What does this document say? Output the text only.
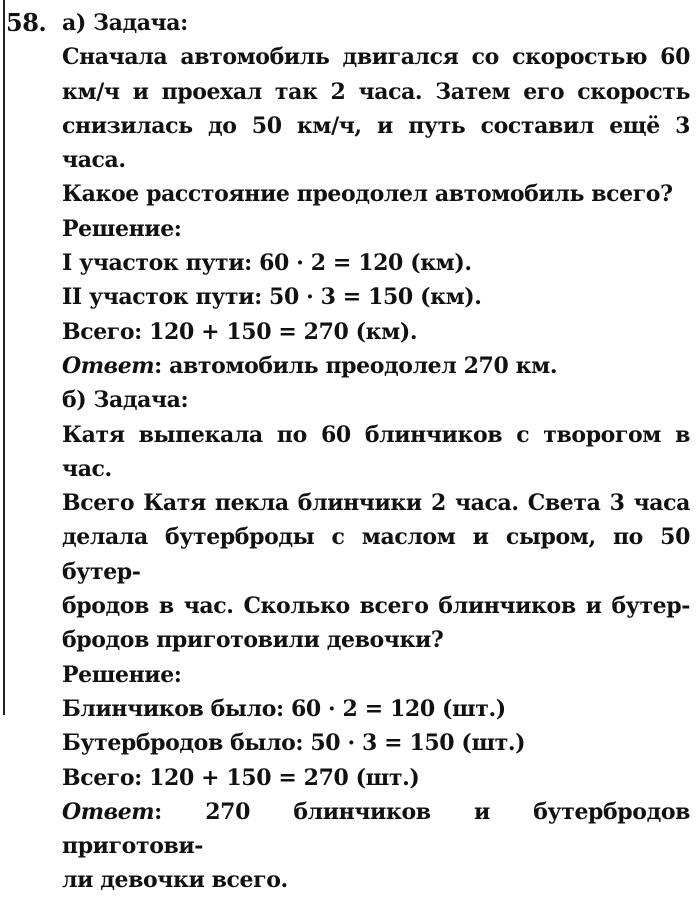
58. а) Задача:
Сначала автомобиль двигался со скоростью 60
км/ч и проехал так 2 часа. Затем его скорость
снизилась до 50 км/ч, и путь составил ещё 3 часа.
Какое расстояние преодолел автомобиль всего?
Решение:
I участок пути: 60 · 2 = 120 (км).
II участок пути: 50 · 3 = 150 (км).
Всего: 120 + 150 = 270 (км).
Ответ: автомобиль преодолел 270 км.
б) Задача:
Катя выпекала по 60 блинчиков с творогом в час.
Всего Катя пекла блинчики 2 часа. Света 3 часа
делала бутерброды с маслом и сыром, по 50 бутер-
бродов в час. Сколько всего блинчиков и бутер-
бродов приготовили девочки?
Решение:
Блинчиков было: 60 · 2 = 120 (шт.)
Бутербродов было: 50 · 3 = 150 (шт.)
Всего: 120 + 150 = 270 (шт.)
Ответ: 270 блинчиков и бутербродов приготови-
ли девочки всего.
